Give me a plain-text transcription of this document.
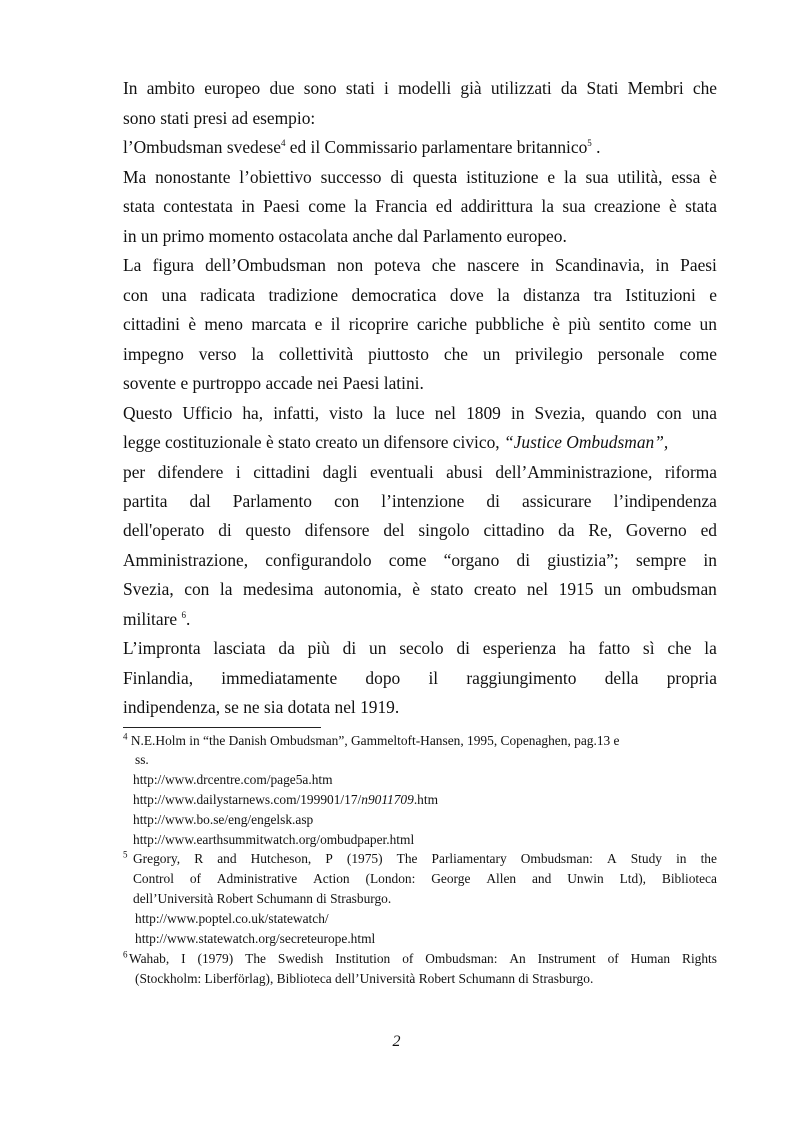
In ambito europeo due sono stati i modelli già utilizzati da Stati Membri che
sono stati presi ad esempio:
l’Ombudsman svedese$^4$ ed il Commissario parlamentare britannico$^5$ .
Ma nonostante l’obiettivo successo di questa istituzione e la sua utilità, essa è
stata contestata in Paesi come la Francia ed addirittura la sua creazione è stata
in un primo momento ostacolata anche dal Parlamento europeo.
La figura dell’Ombudsman non poteva che nascere in Scandinavia, in Paesi
con una radicata tradizione democratica dove la distanza tra Istituzioni e
cittadini è meno marcata e il ricoprire cariche pubbliche è più sentito come un
impegno verso la collettività piuttosto che un privilegio personale come
sovente e purtroppo accade nei Paesi latini.
Questo Ufficio ha, infatti, visto la luce nel 1809 in Svezia, quando con una
legge costituzionale è stato creato un difensore civico, “Justice Ombudsman”,
per difendere i cittadini dagli eventuali abusi dell’Amministrazione, riforma
partita dal Parlamento con l’intenzione di assicurare l’indipendenza
dell'operato di questo difensore del singolo cittadino da Re, Governo ed
Amministrazione, configurandolo come “organo di giustizia”; sempre in
Svezia, con la medesima autonomia, è stato creato nel 1915 un ombudsman
militare $^6$.
L’impronta lasciata da più di un secolo di esperienza ha fatto sì che la
Finlandia, immediatamente dopo il raggiungimento della propria
indipendenza, se ne sia dotata nel 1919.
$^4$ N.E.Holm in “the Danish Ombudsman”, Gammeltoft-Hansen, 1995, Copenaghen, pag.13 e
ss.
http://www.drcentre.com/page5a.htm
http://www.dailystarnews.com/199901/17/n9011709.htm
http://www.bo.se/eng/engelsk.asp
http://www.earthsummitwatch.org/ombudpaper.html
$^5$ Gregory, R and Hutcheson, P (1975) The Parliamentary Ombudsman: A Study in the
Control of Administrative Action (London: George Allen and Unwin Ltd), Biblioteca
dell’Università Robert Schumann di Strasburgo.
http://www.poptel.co.uk/statewatch/
http://www.statewatch.org/secreteurope.html
$^6$ Wahab, I (1979) The Swedish Institution of Ombudsman: An Instrument of Human Rights
(Stockholm: Liberförlag), Biblioteca dell’Università Robert Schumann di Strasburgo.
2
